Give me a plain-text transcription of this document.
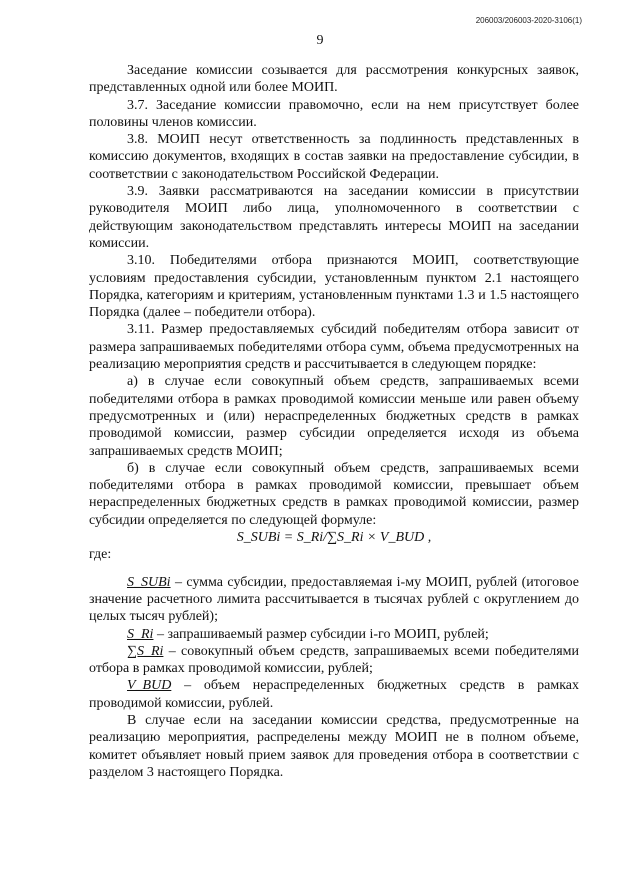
206003/206003-2020-3106(1)
9

Заседание комиссии созывается для рассмотрения конкурсных заявок, представленных одной или более МОИП.

3.7. Заседание комиссии правомочно, если на нем присутствует более половины членов комиссии.

3.8. МОИП несут ответственность за подлинность представленных в комиссию документов, входящих в состав заявки на предоставление субсидии, в соответствии с законодательством Российской Федерации.

3.9. Заявки рассматриваются на заседании комиссии в присутствии руководителя МОИП либо лица, уполномоченного в соответствии с действующим законодательством представлять интересы МОИП на заседании комиссии.

3.10. Победителями отбора признаются МОИП, соответствующие условиям предоставления субсидии, установленным пунктом 2.1 настоящего Порядка, категориям и критериям, установленным пунктами 1.3 и 1.5 настоящего Порядка (далее – победители отбора).

3.11. Размер предоставляемых субсидий победителям отбора зависит от размера запрашиваемых победителями отбора сумм, объема предусмотренных на реализацию мероприятия средств и рассчитывается в следующем порядке:

а) в случае если совокупный объем средств, запрашиваемых всеми победителями отбора в рамках проводимой комиссии меньше или равен объему предусмотренных и (или) нераспределенных бюджетных средств в рамках проводимой комиссии, размер субсидии определяется исходя из объема запрашиваемых средств МОИП;

б) в случае если совокупный объем средств, запрашиваемых всеми победителями отбора в рамках проводимой комиссии, превышает объем нераспределенных бюджетных средств в рамках проводимой комиссии, размер субсидии определяется по следующей формуле:

S_SUBi = S_Ri/∑S_Ri × V_BUD ,

где:

S_SUBi – сумма субсидии, предоставляемая i-му МОИП, рублей (итоговое значение расчетного лимита рассчитывается в тысячах рублей с округлением до целых тысяч рублей);

S_Ri – запрашиваемый размер субсидии i-го МОИП, рублей;

∑S_Ri – совокупный объем средств, запрашиваемых всеми победителями отбора в рамках проводимой комиссии, рублей;

V_BUD – объем нераспределенных бюджетных средств в рамках проводимой комиссии, рублей.

В случае если на заседании комиссии средства, предусмотренные на реализацию мероприятия, распределены между МОИП не в полном объеме, комитет объявляет новый прием заявок для проведения отбора в соответствии с разделом 3 настоящего Порядка.
